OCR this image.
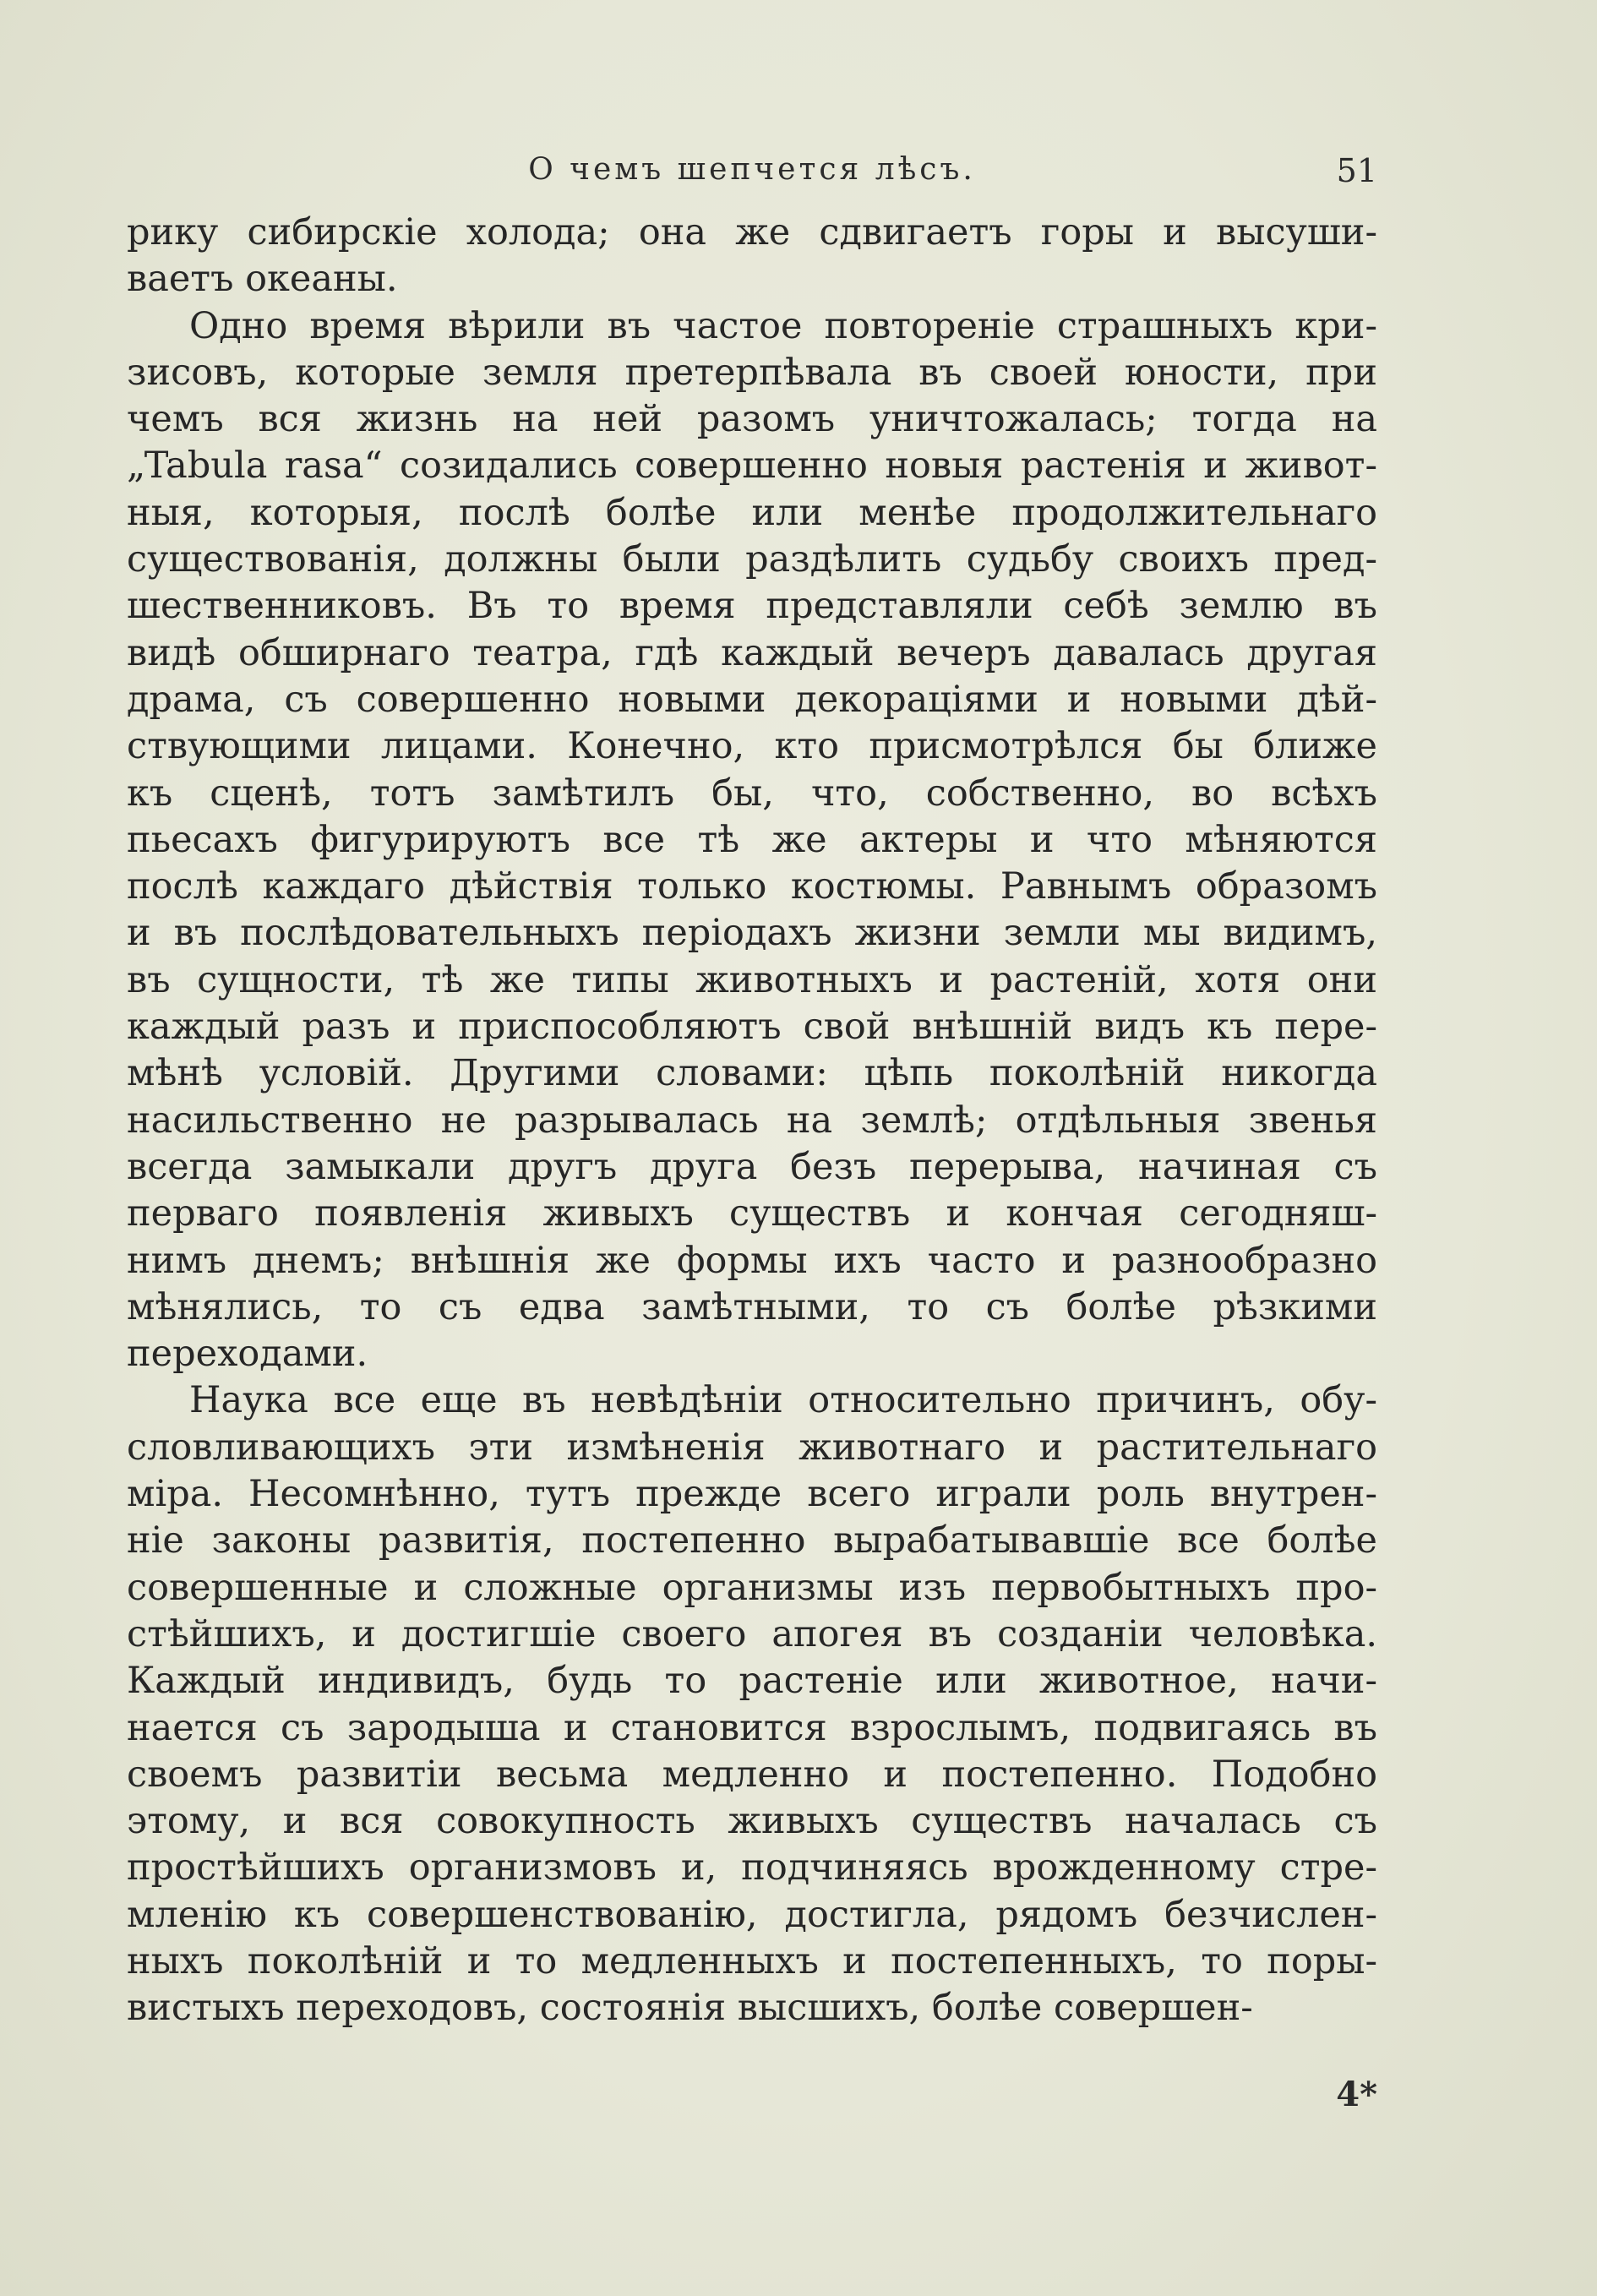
О чемъ шепчется лѣсъ.	51
рику сибирскіе холода; она же сдвигаетъ горы и высуши-
ваетъ океаны.
Одно время вѣрили въ частое повтореніе страшныхъ кри-
зисовъ, которые земля претерпѣвала въ своей юности, при
чемъ вся жизнь на ней разомъ уничтожалась; тогда на
„Tabula rasa“ созидались совершенно новыя растенія и живот-
ныя, которыя, послѣ болѣе или менѣе продолжительнаго
существованія, должны были раздѣлить судьбу своихъ пред-
шественниковъ. Въ то время представляли себѣ землю въ
видѣ обширнаго театра, гдѣ каждый вечеръ давалась другая
драма, съ совершенно новыми декораціями и новыми дѣй-
ствующими лицами. Конечно, кто присмотрѣлся бы ближе
къ сценѣ, тотъ замѣтилъ бы, что, собственно, во всѣхъ
пьесахъ фигурируютъ все тѣ же актеры и что мѣняются
послѣ каждаго дѣйствія только костюмы. Равнымъ образомъ
и въ послѣдовательныхъ періодахъ жизни земли мы видимъ,
въ сущности, тѣ же типы животныхъ и растеній, хотя они
каждый разъ и приспособляютъ свой внѣшній видъ къ пере-
мѣнѣ условій. Другими словами: цѣпь поколѣній никогда
насильственно не разрывалась на землѣ; отдѣльныя звенья
всегда замыкали другъ друга безъ перерыва, начиная съ
перваго появленія живыхъ существъ и кончая сегодняш-
нимъ днемъ; внѣшнія же формы ихъ часто и разнообразно
мѣнялись, то съ едва замѣтными, то съ болѣе рѣзкими
переходами.
Наука все еще въ невѣдѣніи относительно причинъ, обу-
словливающихъ эти измѣненія животнаго и растительнаго
міра. Несомнѣнно, тутъ прежде всего играли роль внутрен-
ніе законы развитія, постепенно вырабатывавшіе все болѣе
совершенные и сложные организмы изъ первобытныхъ про-
стѣйшихъ, и достигшіе своего апогея въ созданіи человѣка.
Каждый индивидъ, будь то растеніе или животное, начи-
нается съ зародыша и становится взрослымъ, подвигаясь въ
своемъ развитіи весьма медленно и постепенно. Подобно
этому, и вся совокупность живыхъ существъ началась съ
простѣйшихъ организмовъ и, подчиняясь врожденному стре-
мленію къ совершенствованію, достигла, рядомъ безчислен-
ныхъ поколѣній и то медленныхъ и постепенныхъ, то поры-
вистыхъ переходовъ, состоянія высшихъ, болѣе совершен-
4*
